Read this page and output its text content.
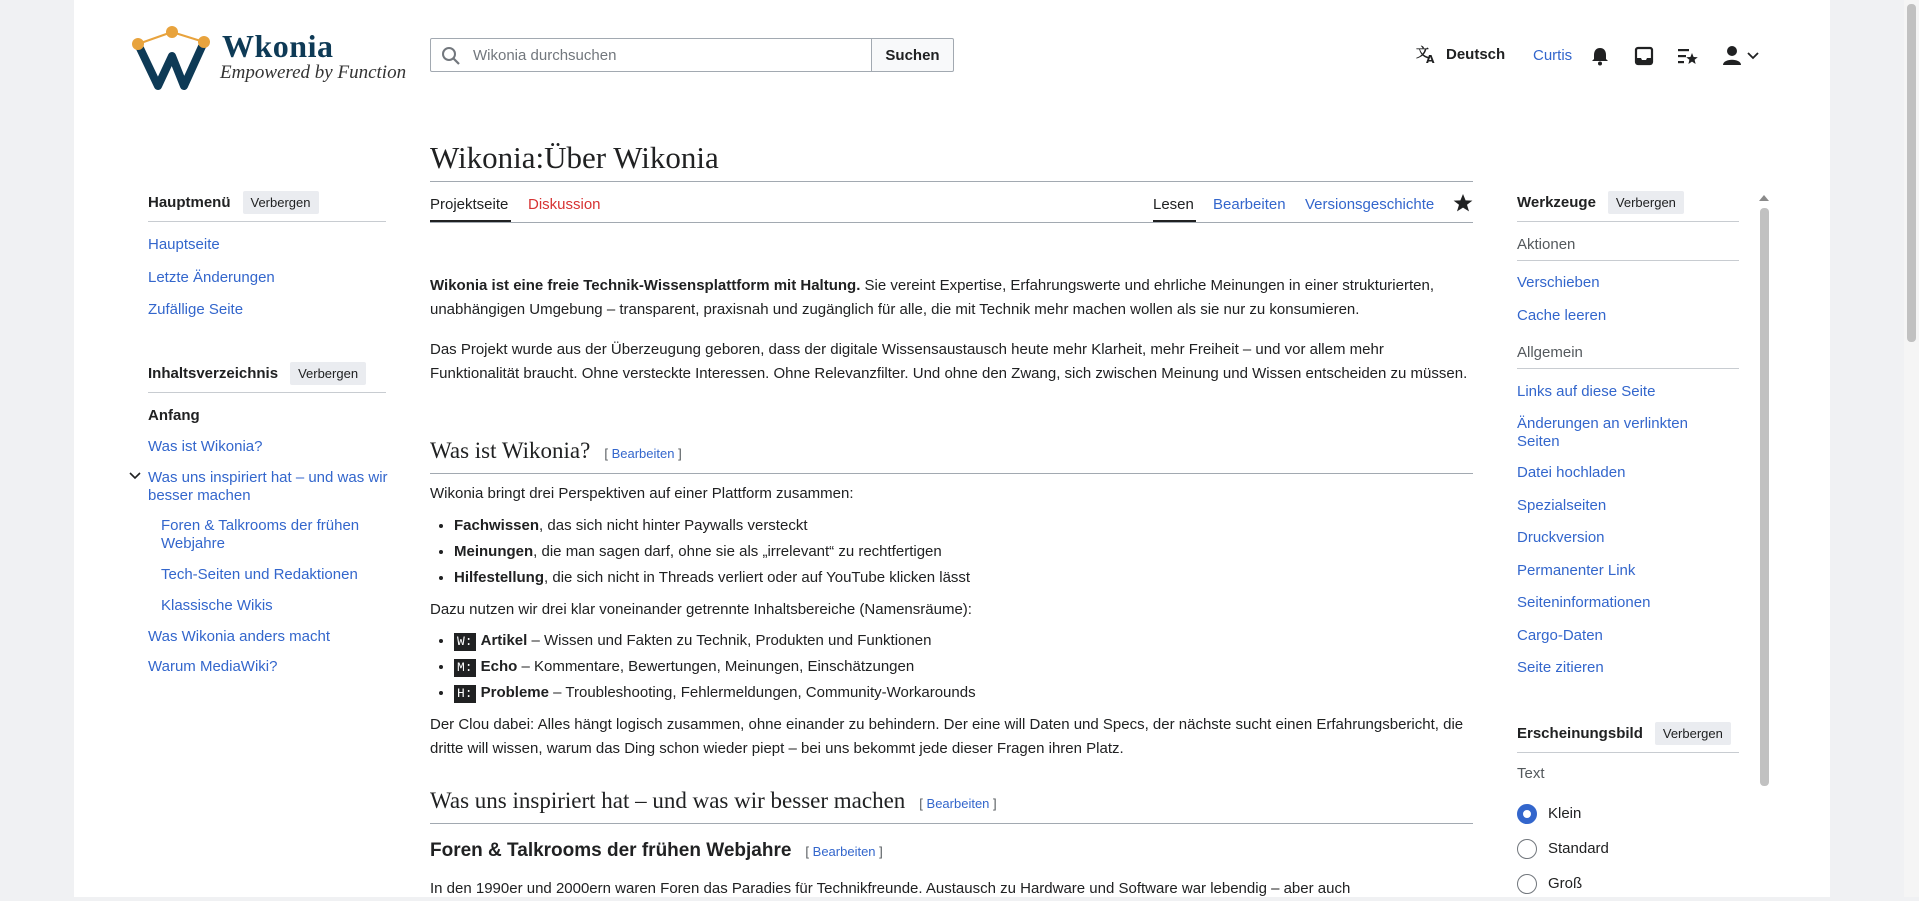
Wkonia
Empowered by Function
Wikonia durchsuchen
Suchen	文
A Deutsch Curtis
Hauptmenü	Verbergen
Hauptseite
Letzte Änderungen
Zufällige Seite
Inhaltsverzeichnis	Verbergen
Anfang
Was ist Wikonia?
Was uns inspiriert hat – und was wir besser machen
Foren & Talkrooms der frühen Webjahre
Tech-Seiten und Redaktionen
Klassische Wikis
Was Wikonia anders macht
Warum MediaWiki?
Wikonia:Über Wikonia
Projektseite Diskussion	Lesen Bearbeiten Versionsgeschichte
Wikonia ist eine freie Technik-Wissensplattform mit Haltung. Sie vereint Expertise, Erfahrungswerte und ehrliche Meinungen in einer strukturierten, unabhängigen Umgebung – transparent, praxisnah und zugänglich für alle, die mit Technik mehr machen wollen als sie nur zu konsumieren.
Das Projekt wurde aus der Überzeugung geboren, dass der digitale Wissensaustausch heute mehr Klarheit, mehr Freiheit – und vor allem mehr Funktionalität braucht. Ohne versteckte Interessen. Ohne Relevanzfilter. Und ohne den Zwang, sich zwischen Meinung und Wissen entscheiden zu müssen.
Was ist Wikonia? [ Bearbeiten ]
Wikonia bringt drei Perspektiven auf einer Plattform zusammen:
• Fachwissen, das sich nicht hinter Paywalls versteckt
• Meinungen, die man sagen darf, ohne sie als „irrelevant“ zu rechtfertigen
• Hilfestellung, die sich nicht in Threads verliert oder auf YouTube klicken lässt
Dazu nutzen wir drei klar voneinander getrennte Inhaltsbereiche (Namensräume):
• W: Artikel – Wissen und Fakten zu Technik, Produkten und Funktionen
• M: Echo – Kommentare, Bewertungen, Meinungen, Einschätzungen
• H: Probleme – Troubleshooting, Fehlermeldungen, Community-Workarounds
Der Clou dabei: Alles hängt logisch zusammen, ohne einander zu behindern. Der eine will Daten und Specs, der nächste sucht einen Erfahrungsbericht, die dritte will wissen, warum das Ding schon wieder piept – bei uns bekommt jede dieser Fragen ihren Platz.
Was uns inspiriert hat – und was wir besser machen [ Bearbeiten ]
Foren & Talkrooms der frühen Webjahre [ Bearbeiten ]
In den 1990er und 2000ern waren Foren das Paradies für Technikfreunde. Austausch zu Hardware und Software war lebendig – aber auch
Werkzeuge	Verbergen
Aktionen
Verschieben
Cache leeren
Allgemein
Links auf diese Seite
Änderungen an verlinkten Seiten
Datei hochladen
Spezialseiten
Druckversion
Permanenter Link
Seiteninformationen
Cargo-Daten
Seite zitieren
Erscheinungsbild	Verbergen
Text
Klein
Standard
Groß
